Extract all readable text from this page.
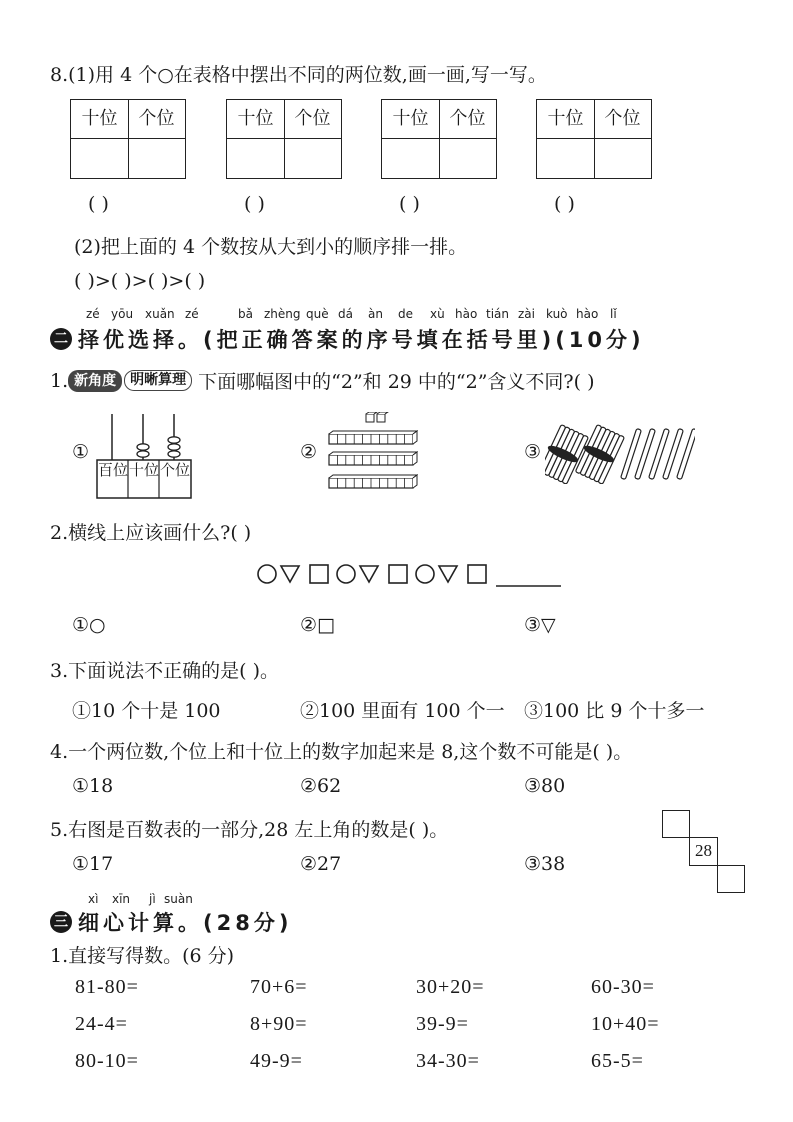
8.(1)用 4 个○在表格中摆出不同的两位数,画一画,写一写。
十位	个位	十位	个位	十位	个位	十位	个位
( )	( )	( )	( )
(2)把上面的 4 个数按从大到小的顺序排一排。
( )>( )>( )>( )
zé yōu xuǎn zé	bǎ zhèng què dá àn de xù hào tián zài kuò hào lǐ
二 择优选择。(把正确答案的序号填在括号里)(10分)
1. 新角度	明晰算理 下面哪幅图中的“2”和 29 中的“2”含义不同?( )
①
百位 十位 个位
②	③
2.横线上应该画什么?( )
①○	②□	③▽
3.下面说法不正确的是( )。
①10 个十是 100	②100 里面有 100 个一 ③100 比 9 个十多一
4.一个两位数,个位上和十位上的数字加起来是 8,这个数不可能是( )。
①18	②62	③80
5.右图是百数表的一部分,28 左上角的数是( )。
①17	②27	③38
28
xì xīn jì suàn
三 细心计算。(28分)
1.直接写得数。(6 分)
81-80=	70+6=	30+20=	60-30=
24-4=	8+90=	39-9=	10+40=
80-10=	49-9=	34-30=	65-5=
